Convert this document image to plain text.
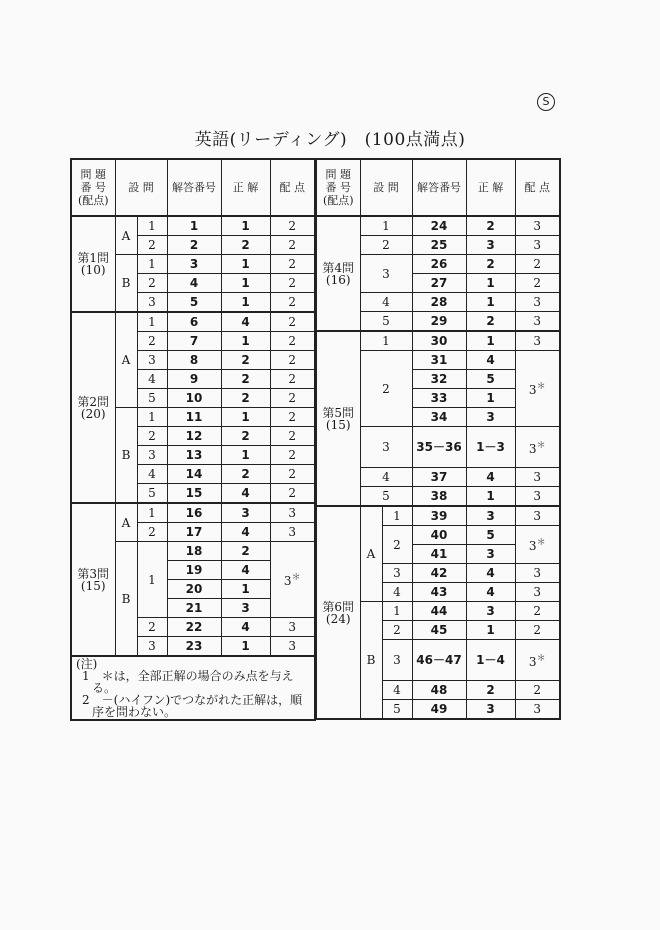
S
英語(リーディング)　(100点満点)
問 題
番 号
(配点)	設 問		解答番号	正 解	配 点
第1問
(10)	A	1	1	1	2
		2	2	2	2
	B	1	3	1	2
		2	4	1	2
		3	5	1	2
第2問
(20)	A	1	6	4	2
		2	7	1	2
		3	8	2	2
		4	9	2	2
		5	10	2	2
	B	1	11	1	2
		2	12	2	2
		3	13	1	2
		4	14	2	2
		5	15	4	2
第3問
(15)	A	1	16	3	3
		2	17	4	3
	B	1	18	2	3＊
			19	4	
			20	1	
			21	3	
		2	22	4	3
		3	23	1	3

(注)
1　＊は，全部正解の場合のみ点を与える。
2　－(ハイフン)でつながれた正解は，順序を問わない。					
問 題
番 号
(配点)	設 問		解答番号	正 解	配 点
第4問
(16)	1		24	2	3
	2		25	3	3
	3		26	2	2
			27	1	2
	4		28	1	3
	5		29	2	3
第5問
(15)	1		30	1	3
	2		31	4	3＊
			32	5	
			33	1	
			34	3	
	3		35－36	1－3	3＊
	4		37	4	3
	5		38	1	3
第6問
(24)	A	1	39	3	3
		2	40	5	3＊
			41	3	
		3	42	4	3
		4	43	4	3
	B	1	44	3	2
		2	45	1	2
		3	46－47	1－4	3＊
		4	48	2	2
		5	49	3	3
